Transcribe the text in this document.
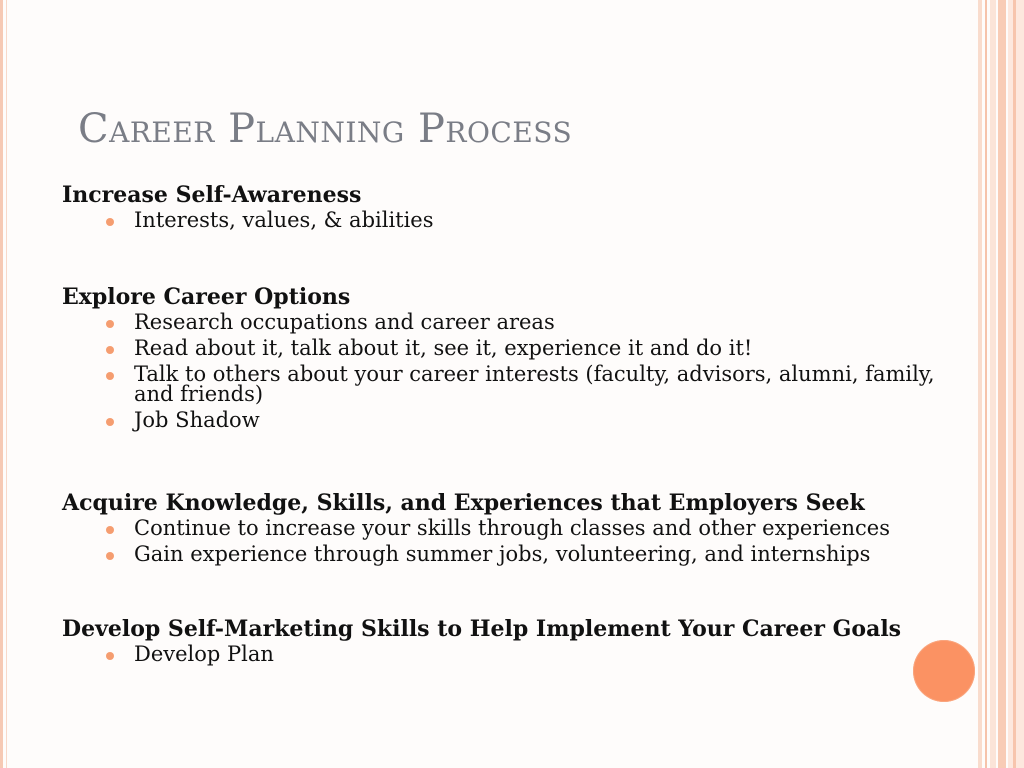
Career Planning Process
Increase Self-Awareness
Interests, values, & abilities
Explore Career Options
Research occupations and career areas
Read about it, talk about it, see it, experience it and do it!
Talk to others about your career interests (faculty, advisors, alumni, family, and friends)
Job Shadow
Acquire Knowledge, Skills, and Experiences that Employers Seek
Continue to increase your skills through classes and other experiences
Gain experience through summer jobs, volunteering, and internships
Develop Self-Marketing Skills to Help Implement Your Career Goals
Develop Plan
